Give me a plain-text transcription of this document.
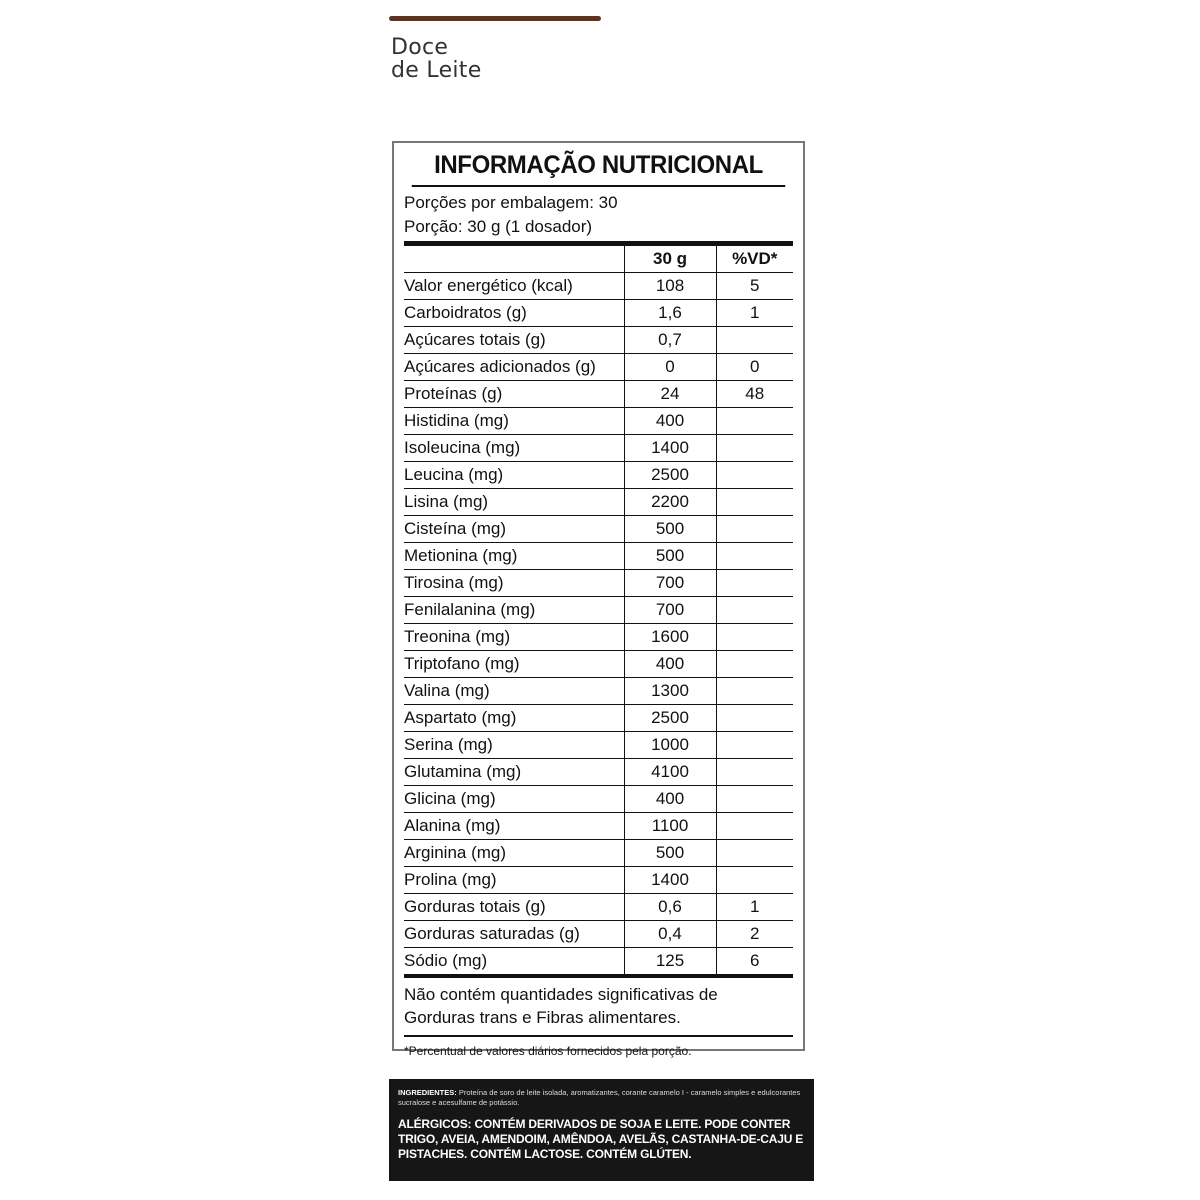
Doce
de Leite
INFORMAÇÃO NUTRICIONAL
Porções por embalagem: 30
Porção: 30 g (1 dosador)
	30 g	%VD*
Valor energético (kcal)	108	5
Carboidratos (g)	1,6	1
Açúcares totais (g)	0,7	
Açúcares adicionados (g)	0	0
Proteínas (g)	24	48
Histidina (mg)	400	
Isoleucina (mg)	1400	
Leucina (mg)	2500	
Lisina (mg)	2200	
Cisteína (mg)	500	
Metionina (mg)	500	
Tirosina (mg)	700	
Fenilalanina (mg)	700	
Treonina (mg)	1600	
Triptofano (mg)	400	
Valina (mg)	1300	
Aspartato (mg)	2500	
Serina (mg)	1000	
Glutamina (mg)	4100	
Glicina (mg)	400	
Alanina (mg)	1100	
Arginina (mg)	500	
Prolina (mg)	1400	
Gorduras totais (g)	0,6	1
Gorduras saturadas (g)	0,4	2
Sódio (mg)	125	6
Não contém quantidades significativas de Gorduras trans e Fibras alimentares.
*Percentual de valores diários fornecidos pela porção.
INGREDIENTES: Proteína de soro de leite isolada, aromatizantes, corante caramelo I - caramelo simples e edulcorantes sucralose e acesulfame de potássio.
ALÉRGICOS: CONTÉM DERIVADOS DE SOJA E LEITE. PODE CONTER TRIGO, AVEIA, AMENDOIM, AMÊNDOA, AVELÃS, CASTANHA-DE-CAJU E PISTACHES. CONTÉM LACTOSE. CONTÉM GLÚTEN.
